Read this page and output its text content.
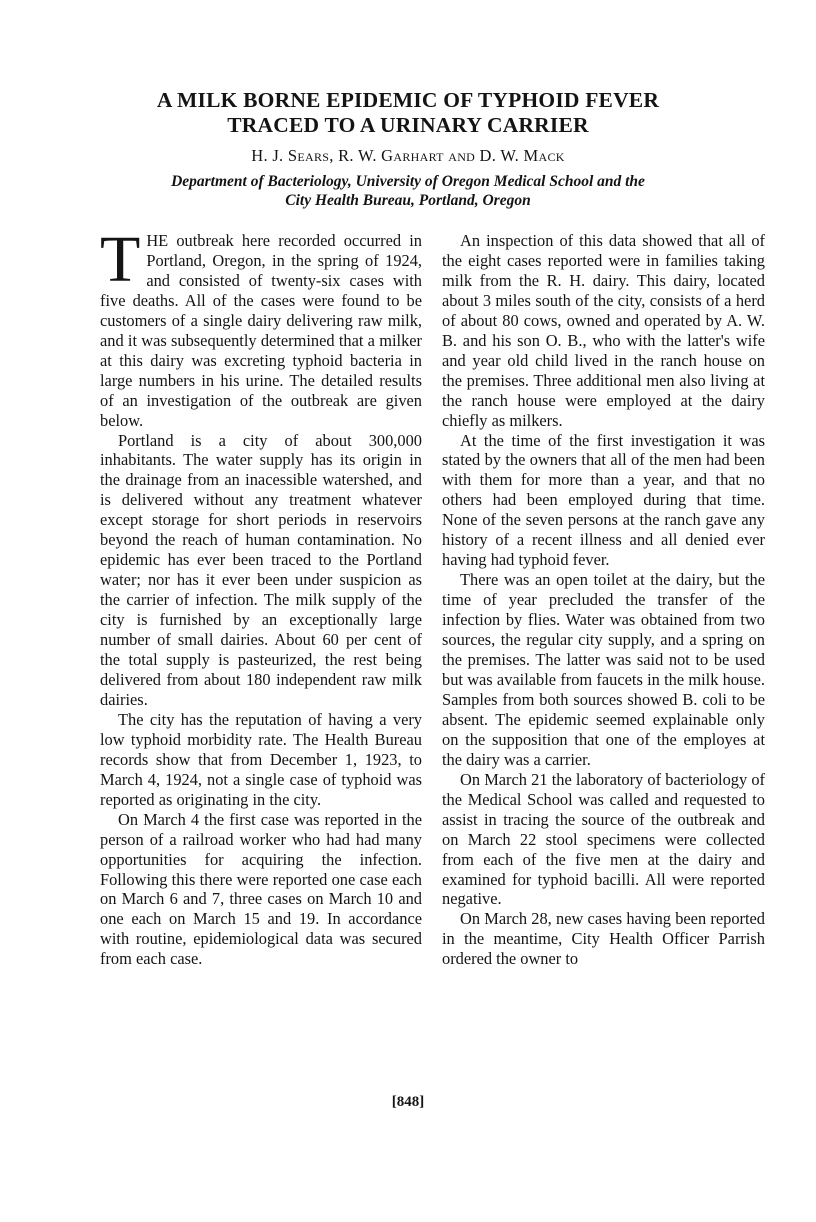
A MILK BORNE EPIDEMIC OF TYPHOID FEVER
TRACED TO A URINARY CARRIER

H. J. Sears, R. W. Garhart and D. W. Mack

Department of Bacteriology, University of Oregon Medical School and the

City Health Bureau, Portland, Oregon

THE outbreak here recorded occurred in Portland, Oregon, in the spring of 1924, and consisted of twenty-six cases with five deaths. All of the cases were found to be customers of a single dairy delivering raw milk, and it was subsequently determined that a milker at this dairy was excreting typhoid bacteria in large numbers in his urine. The detailed results of an investigation of the outbreak are given below.

Portland is a city of about 300,000 inhabitants. The water supply has its origin in the drainage from an inacessible watershed, and is delivered without any treatment whatever except storage for short periods in reservoirs beyond the reach of human contamination. No epidemic has ever been traced to the Portland water; nor has it ever been under suspicion as the carrier of infection. The milk supply of the city is furnished by an exceptionally large number of small dairies. About 60 per cent of the total supply is pasteurized, the rest being delivered from about 180 independent raw milk dairies.

The city has the reputation of having a very low typhoid morbidity rate. The Health Bureau records show that from December 1, 1923, to March 4, 1924, not a single case of typhoid was reported as originating in the city.

On March 4 the first case was reported in the person of a railroad worker who had had many opportunities for acquiring the infection. Following this there were reported one case each on March 6 and 7, three cases on March 10 and one each on March 15 and 19. In accordance with routine, epidemiological data was secured from each case.

An inspection of this data showed that all of the eight cases reported were in families taking milk from the R. H. dairy. This dairy, located about 3 miles south of the city, consists of a herd of about 80 cows, owned and operated by A. W. B. and his son O. B., who with the latter's wife and year old child lived in the ranch house on the premises. Three additional men also living at the ranch house were employed at the dairy chiefly as milkers.

At the time of the first investigation it was stated by the owners that all of the men had been with them for more than a year, and that no others had been employed during that time. None of the seven persons at the ranch gave any history of a recent illness and all denied ever having had typhoid fever.

There was an open toilet at the dairy, but the time of year precluded the transfer of the infection by flies. Water was obtained from two sources, the regular city supply, and a spring on the premises. The latter was said not to be used but was available from faucets in the milk house. Samples from both sources showed B. coli to be absent. The epidemic seemed explainable only on the supposition that one of the employes at the dairy was a carrier.

On March 21 the laboratory of bacteriology of the Medical School was called and requested to assist in tracing the source of the outbreak and on March 22 stool specimens were collected from each of the five men at the dairy and examined for typhoid bacilli. All were reported negative.

On March 28, new cases having been reported in the meantime, City Health Officer Parrish ordered the owner to

[848]
